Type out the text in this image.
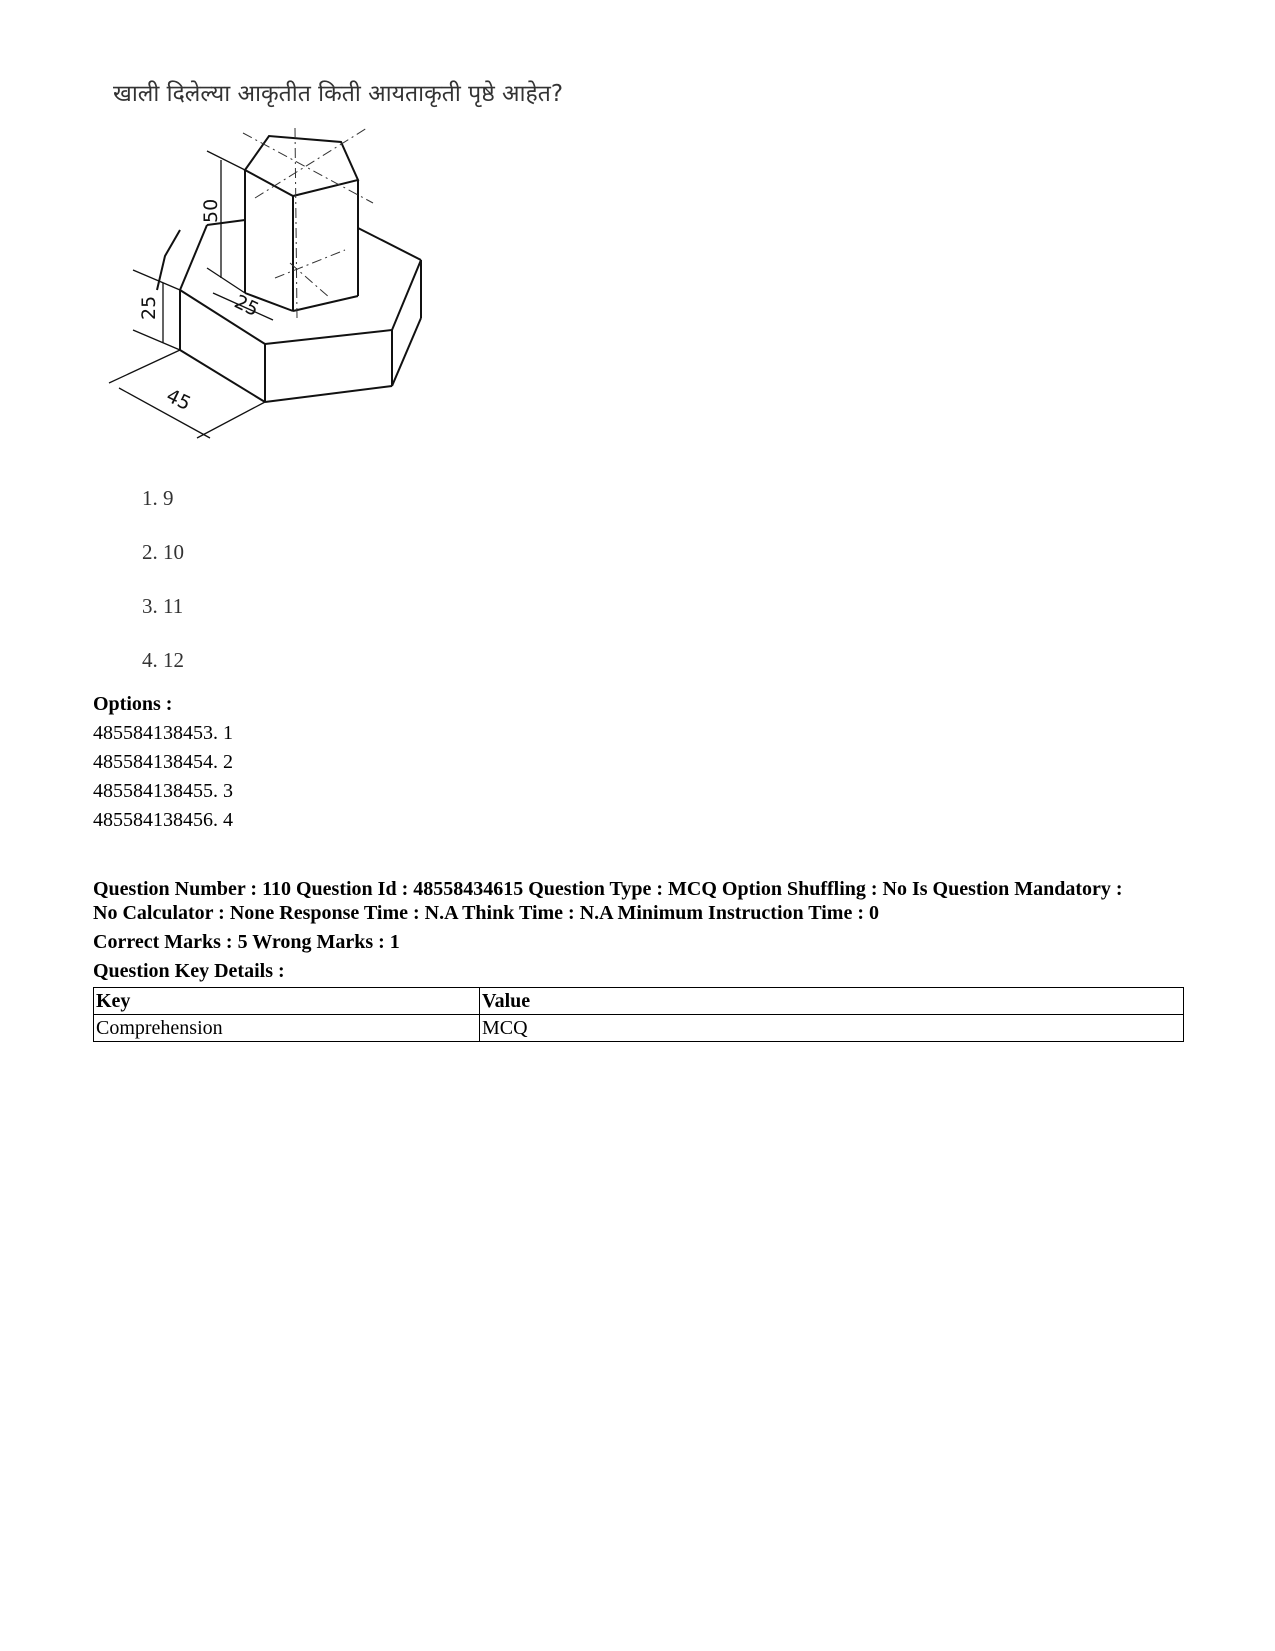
खाली दिलेल्या आकृतीत किती आयताकृती पृष्ठे आहेत?
50
25	25
45
1. 9
2. 10
3. 11
4. 12
Options :
485584138453. 1
485584138454. 2
485584138455. 3
485584138456. 4
Question Number : 110 Question Id : 48558434615 Question Type : MCQ Option Shuffling : No Is Question Mandatory :
No Calculator : None Response Time : N.A Think Time : N.A Minimum Instruction Time : 0
Correct Marks : 5 Wrong Marks : 1
Question Key Details :
Key	Value
Comprehension	MCQ
